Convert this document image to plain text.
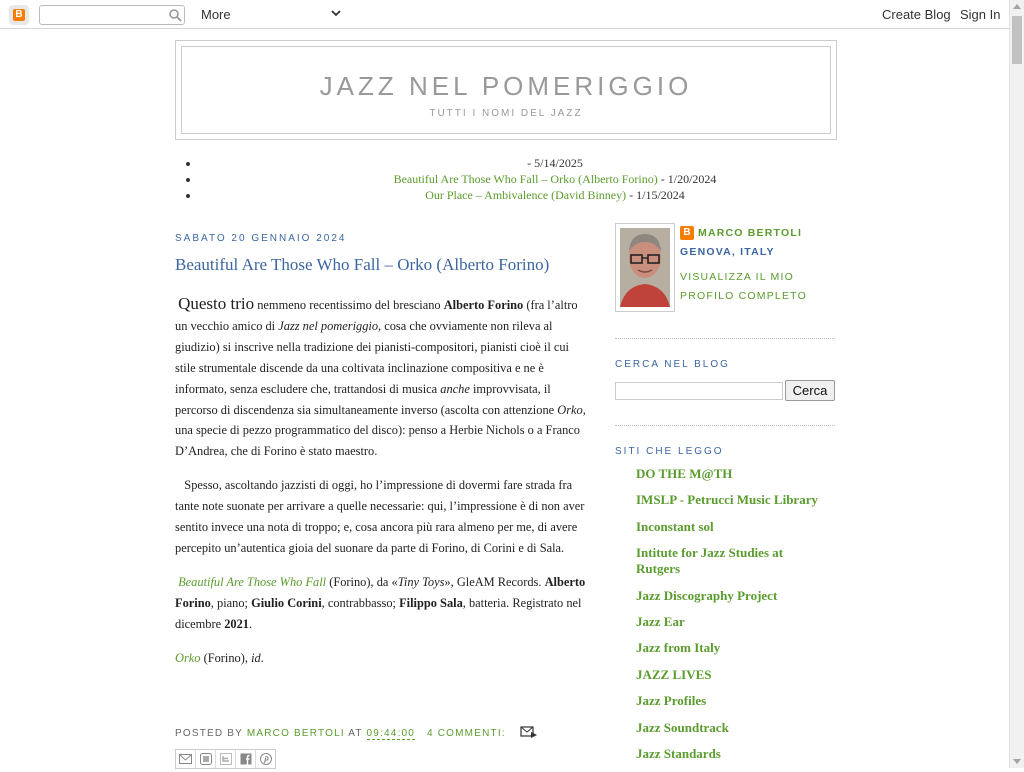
B	More	Create Blog Sign In
JAZZ NEL POMERIGGIO
TUTTI I NOMI DEL JAZZ
• - 5/14/2025
• Beautiful Are Those Who Fall – Orko (Alberto Forino) - 1/20/2024
• Our Place – Ambivalence (David Binney) - 1/15/2024
SABATO 20 GENNAIO 2024
Beautiful Are Those Who Fall – Orko (Alberto Forino)

Questo trio nemmeno recentissimo del bresciano Alberto Forino (fra l’altro un vecchio amico di Jazz nel pomeriggio, cosa che ovviamente non rileva al giudizio) si inscrive nella tradizione dei pianisti-compositori, pianisti cioè il cui stile strumentale discende da una coltivata inclinazione compositiva e ne è informato, senza escludere che, trattandosi di musica anche improvvisata, il percorso di discendenza sia simultaneamente inverso (ascolta con attenzione Orko, una specie di pezzo programmatico del disco): penso a Herbie Nichols o a Franco D’Andrea, che di Forino è stato maestro.

Spesso, ascoltando jazzisti di oggi, ho l’impressione di dovermi fare strada fra tante note suonate per arrivare a quelle necessarie: qui, l’impressione è di non aver sentito invece una nota di troppo; e, cosa ancora più rara almeno per me, di avere percepito un’autentica gioia del suonare da parte di Forino, di Corini e di Sala.

Beautiful Are Those Who Fall (Forino), da «Tiny Toys», GleAM Records. Alberto Forino, piano; Giulio Corini, contrabbasso; Filippo Sala, batteria. Registrato nel dicembre 2021.

Orko (Forino), id.

POSTED BY MARCO BERTOLI AT 09:44:00 4 COMMENTI:
B MARCO BERTOLI
GENOVA, ITALY
VISUALIZZA IL MIO PROFILO COMPLETO
CERCA NEL BLOG
Cerca
SITI CHE LEGGO
DO THE M@TH
IMSLP - Petrucci Music Library
Inconstant sol
Intitute for Jazz Studies at Rutgers
Jazz Discography Project
Jazz Ear
Jazz from Italy
JAZZ LIVES
Jazz Profiles
Jazz Soundtrack
Jazz Standards
